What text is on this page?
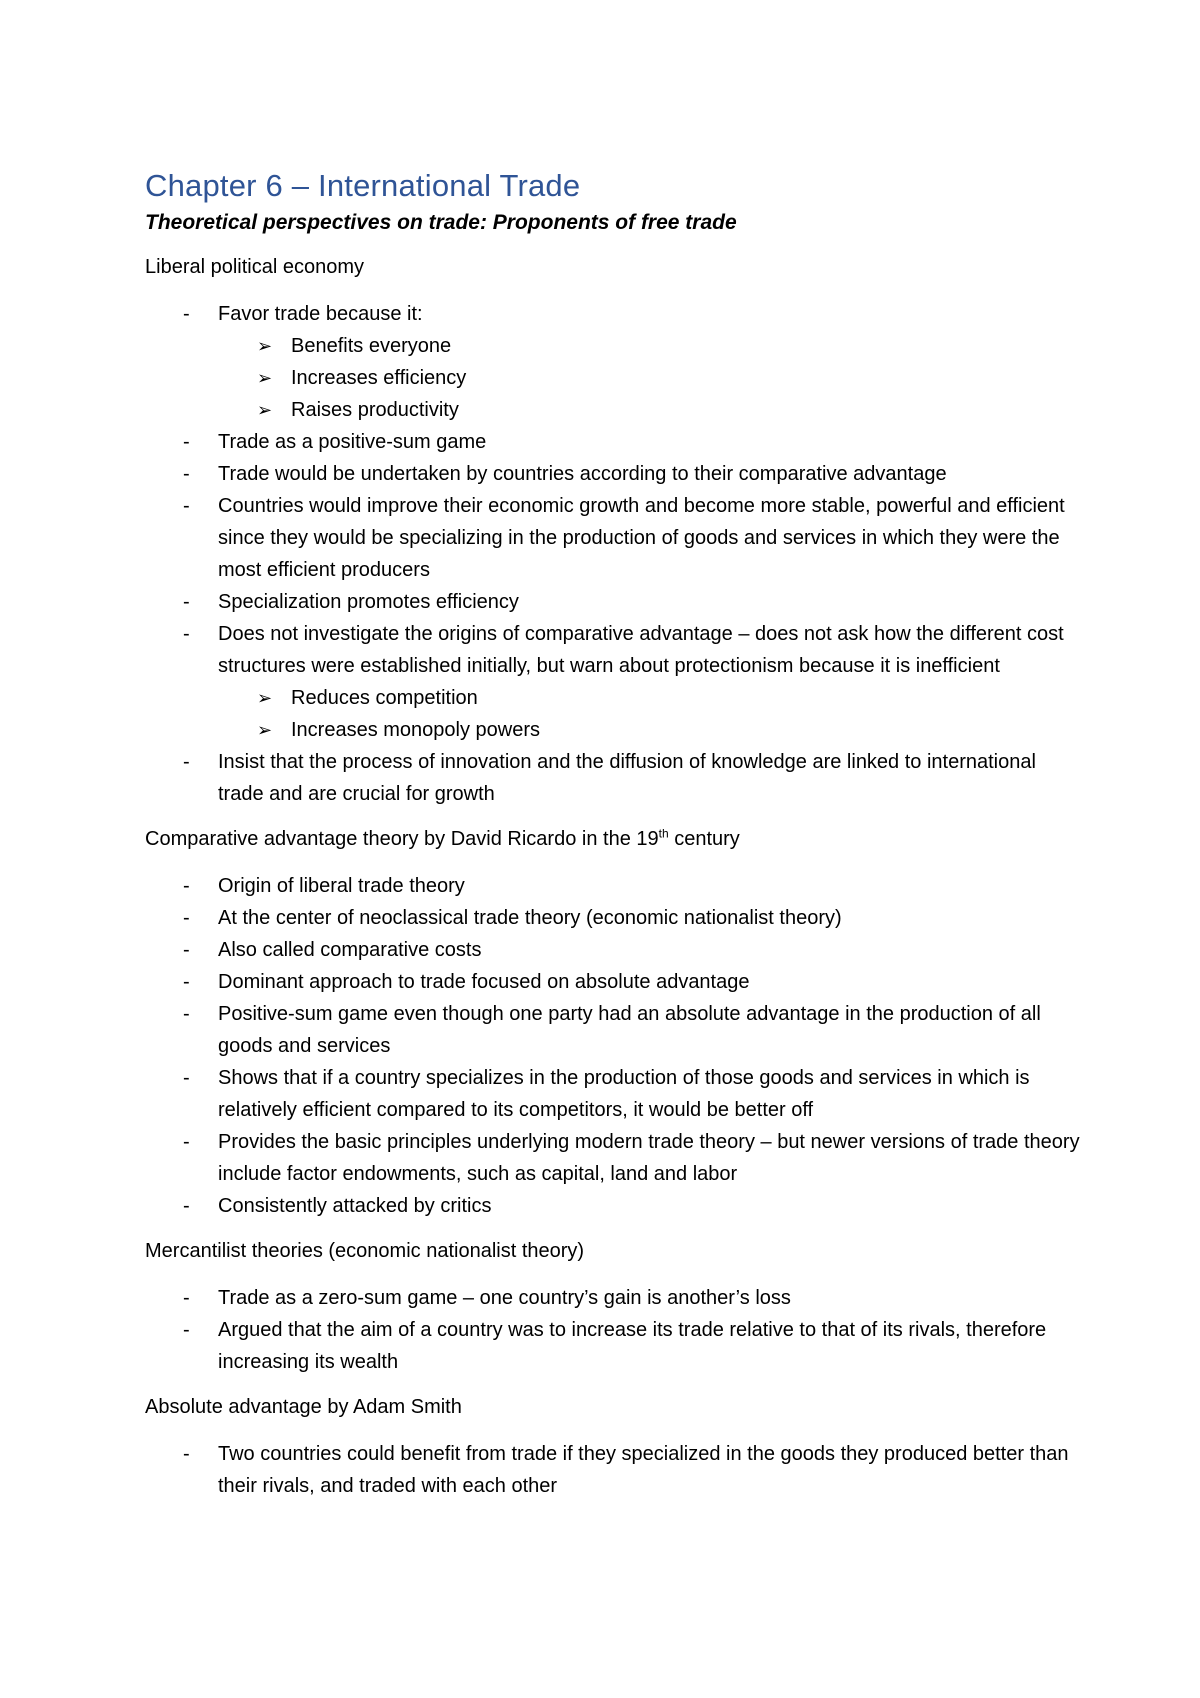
Chapter 6 – International Trade
Theoretical perspectives on trade: Proponents of free trade

Liberal political economy

- Favor trade because it:
➢ Benefits everyone
➢ Increases efficiency
➢ Raises productivity
- Trade as a positive-sum game
- Trade would be undertaken by countries according to their comparative advantage
- Countries would improve their economic growth and become more stable, powerful and efficient since they would be specializing in the production of goods and services in which they were the most efficient producers
- Specialization promotes efficiency
- Does not investigate the origins of comparative advantage – does not ask how the different cost structures were established initially, but warn about protectionism because it is inefficient
➢ Reduces competition
➢ Increases monopoly powers
- Insist that the process of innovation and the diffusion of knowledge are linked to international trade and are crucial for growth

Comparative advantage theory by David Ricardo in the 19th century

- Origin of liberal trade theory
- At the center of neoclassical trade theory (economic nationalist theory)
- Also called comparative costs
- Dominant approach to trade focused on absolute advantage
- Positive-sum game even though one party had an absolute advantage in the production of all goods and services
- Shows that if a country specializes in the production of those goods and services in which is relatively efficient compared to its competitors, it would be better off
- Provides the basic principles underlying modern trade theory – but newer versions of trade theory include factor endowments, such as capital, land and labor
- Consistently attacked by critics

Mercantilist theories (economic nationalist theory)

- Trade as a zero-sum game – one country’s gain is another’s loss
- Argued that the aim of a country was to increase its trade relative to that of its rivals, therefore increasing its wealth

Absolute advantage by Adam Smith

- Two countries could benefit from trade if they specialized in the goods they produced better than their rivals, and traded with each other
